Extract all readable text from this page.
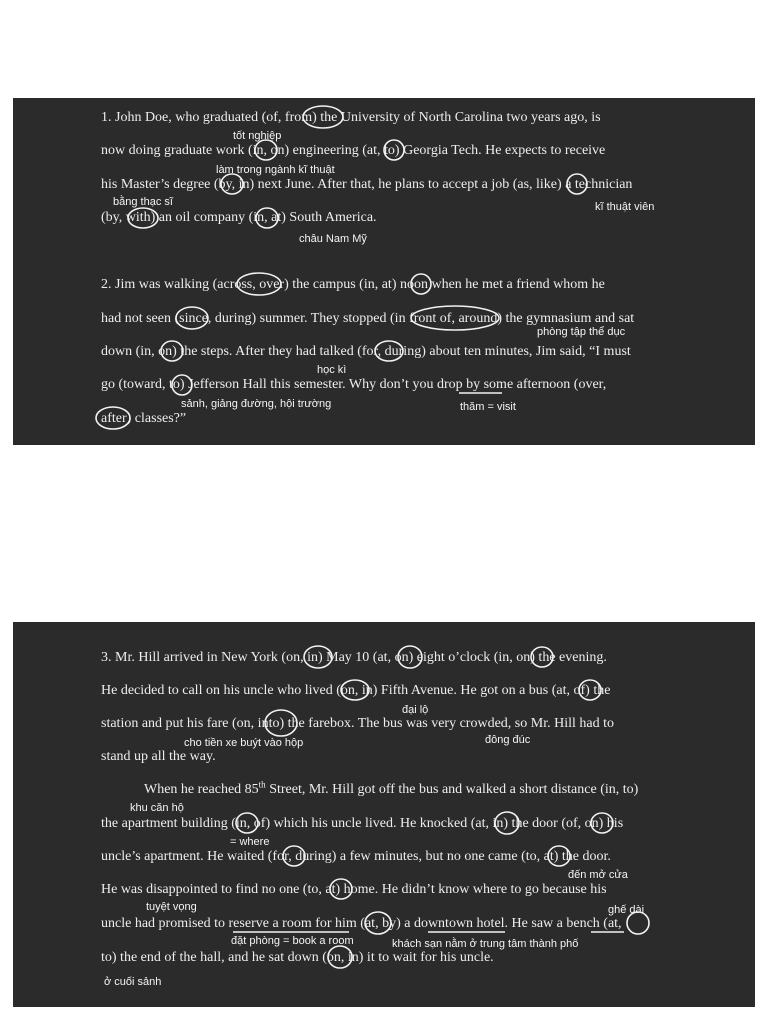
1. John Doe, who graduated (of, from) the University of North Carolina two years ago, is
tốt nghiệp
now doing graduate work (in, on) engineering (at, to) Georgia Tech. He expects to receive
làm trong ngành kĩ thuật
his Master’s degree (by, in) next June. After that, he plans to accept a job (as, like) a technician
bằng thạc sĩ	kĩ thuật viên
(by, with) an oil company (in, at) South America.
châu Nam Mỹ
2. Jim was walking (across, over) the campus (in, at) noon when he met a friend whom he
had not seen (since, during) summer. They stopped (in front of, around) the gymnasium and sat
phòng tập thể dục
down (in, on) the steps. After they had talked (for, during) about ten minutes, Jim said, “I must
học kì
go (toward, to) Jefferson Hall this semester. Why don’t you drop by some afternoon (over,
sảnh, giảng đường, hội trường	thăm = visit
after) classes?”
3. Mr. Hill arrived in New York (on, in) May 10 (at, on) eight o’clock (in, on) the evening.
He decided to call on his uncle who lived (on, in) Fifth Avenue. He got on a bus (at, of) the
đại lộ
station and put his fare (on, into) the farebox. The bus was very crowded, so Mr. Hill had to
cho tiền xe buýt vào hộp	đông đúc
stand up all the way.
When he reached 85th Street, Mr. Hill got off the bus and walked a short distance (in, to)
khu căn hộ
the apartment building (in, of) which his uncle lived. He knocked (at, in) the door (of, on) his
= where
uncle’s apartment. He waited (for, during) a few minutes, but no one came (to, at) the door.
đến mở cửa
He was disappointed to find no one (to, at) home. He didn’t know where to go because his
tuyệt vọng	ghế dài
uncle had promised to reserve a room for him (at, by) a downtown hotel. He saw a bench (at,
đặt phòng = book a room	khách sạn nằm ở trung tâm thành phố
to) the end of the hall, and he sat down (on, in) it to wait for his uncle.
ở cuối sảnh
